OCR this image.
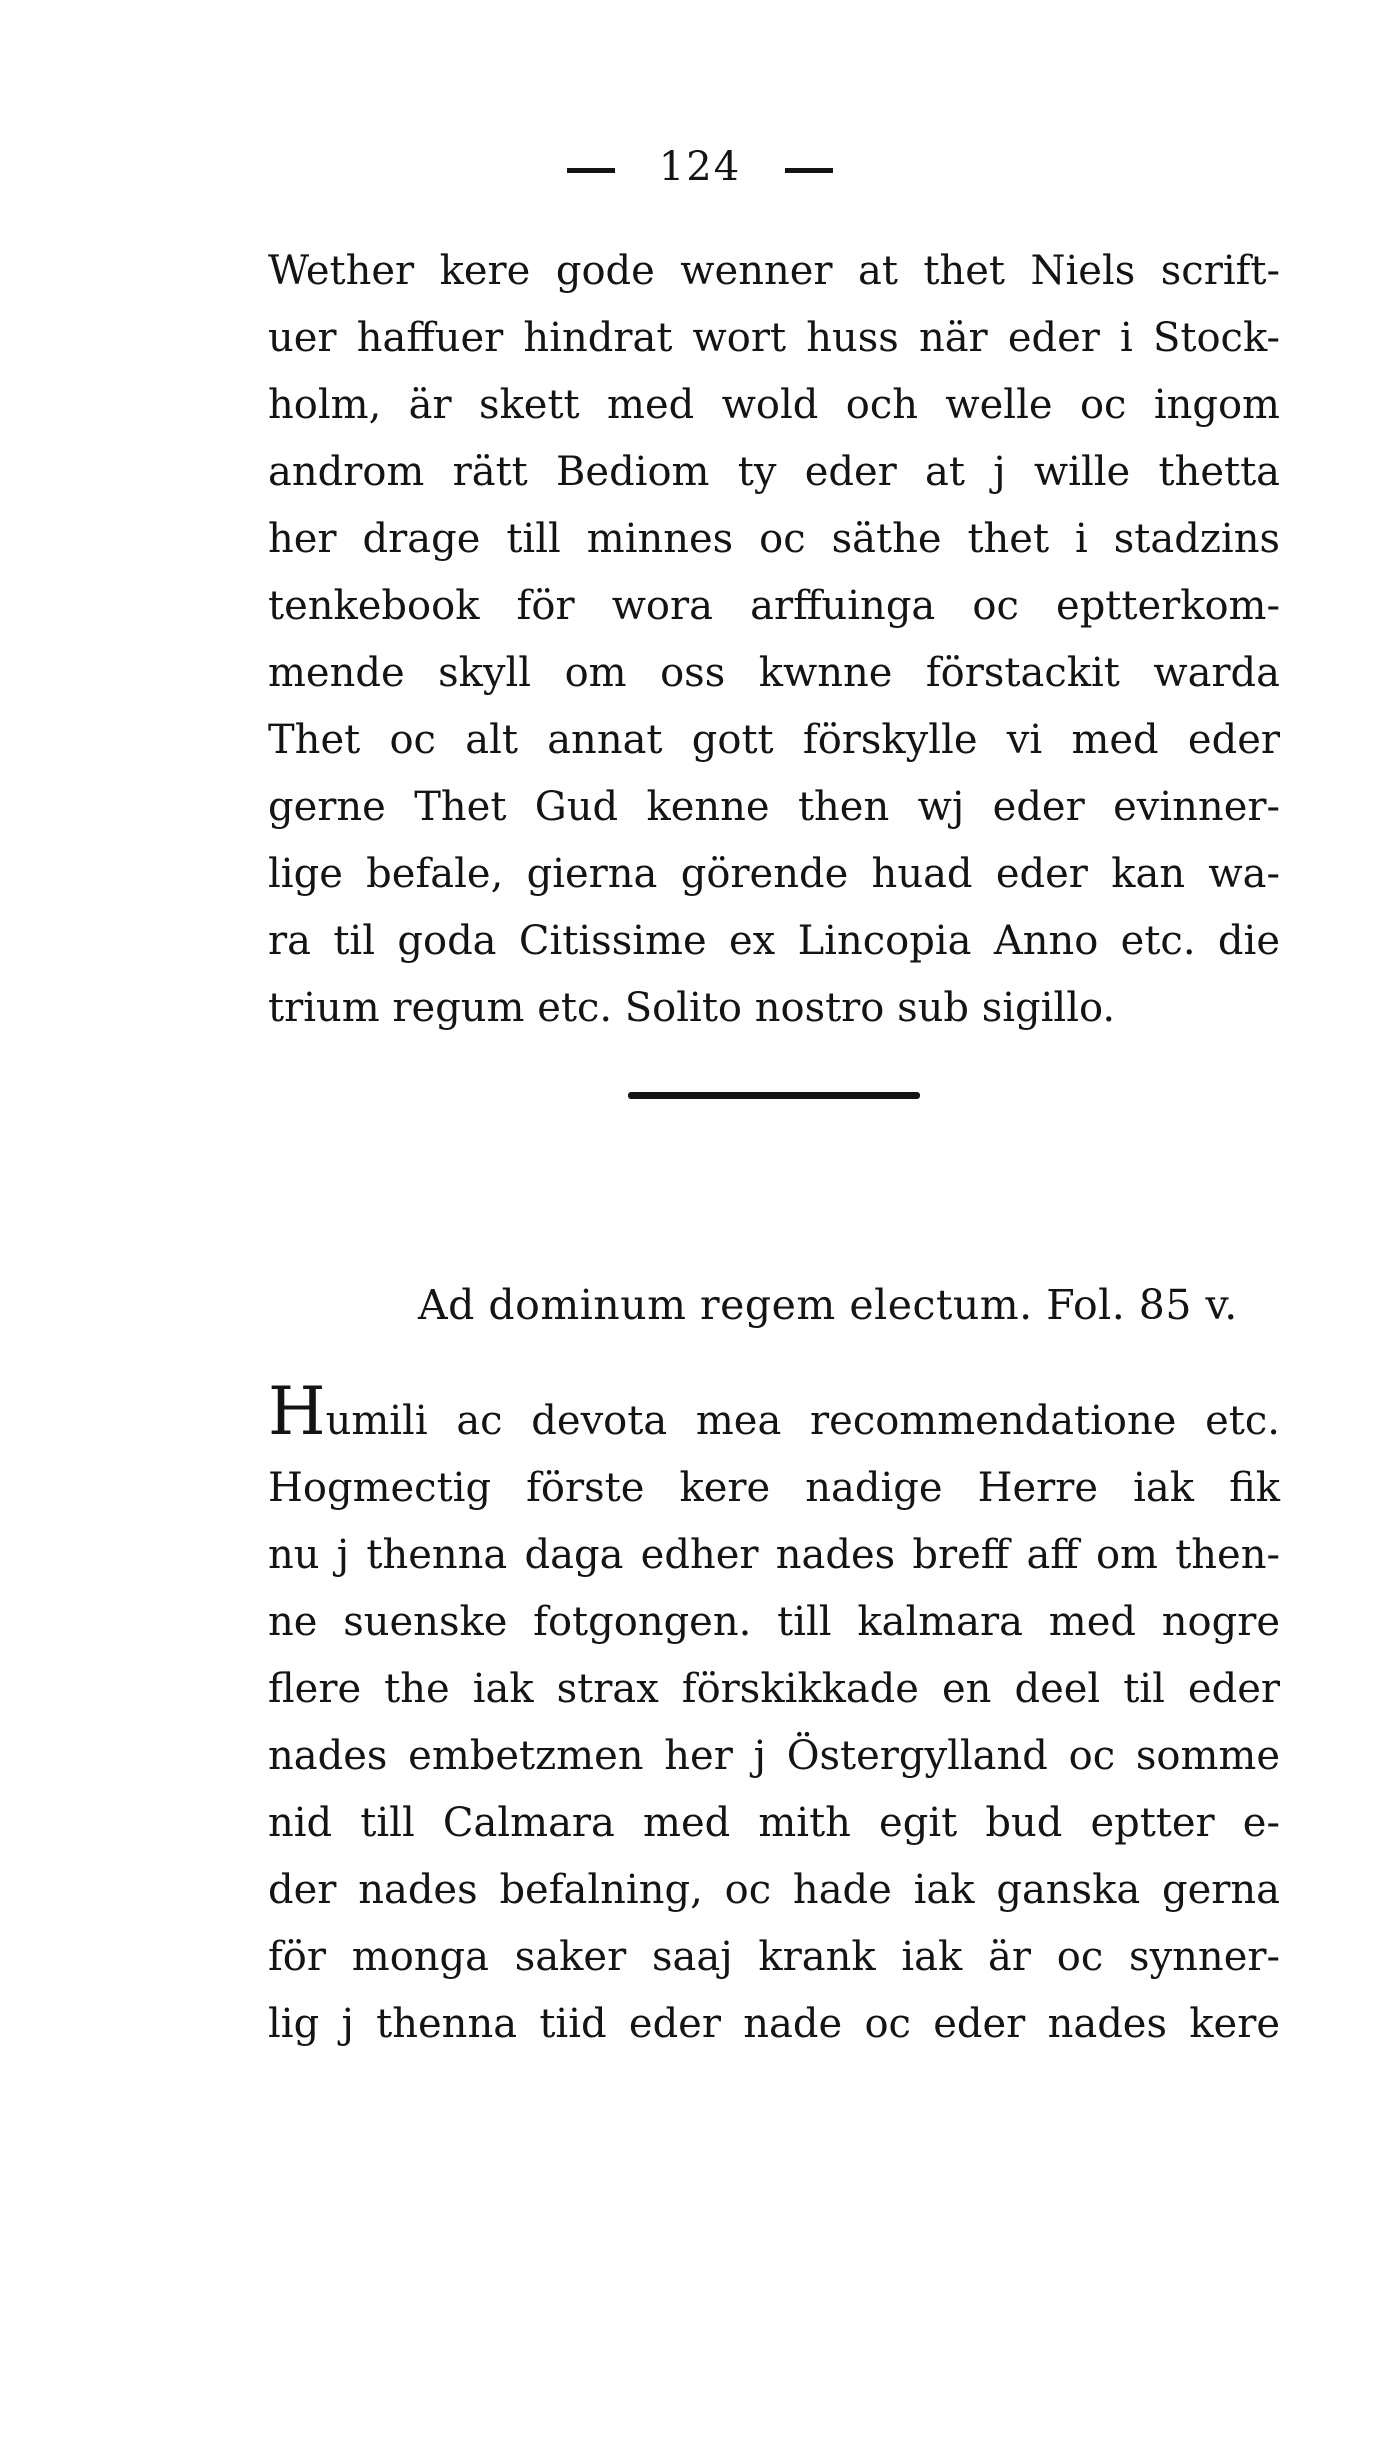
124
Wether kere gode wenner at thet Niels scrift-
uer haffuer hindrat wort huss när eder i Stock-
holm, är skett med wold och welle oc ingom
androm rätt Bediom ty eder at j wille thetta
her drage till minnes oc säthe thet i stadzins
tenkebook för wora arffuinga oc eptterkom-
mende skyll om oss kwnne förstackit warda
Thet oc alt annat gott förskylle vi med eder
gerne Thet Gud kenne then wj eder evinner-
lige befale, gierna görende huad eder kan wa-
ra til goda Citissime ex Lincopia Anno etc. die
trium regum etc. Solito nostro sub sigillo.
Ad dominum regem electum. Fol. 85 v.
Humili ac devota mea recommendatione etc.
Hogmectig förste kere nadige Herre iak fik
nu j thenna daga edher nades breff aff om then-
ne suenske fotgongen. till kalmara med nogre
flere the iak strax förskikkade en deel til eder
nades embetzmen her j Östergylland oc somme
nid till Calmara med mith egit bud eptter e-
der nades befalning, oc hade iak ganska gerna
för monga saker saaj krank iak är oc synner-
lig j thenna tiid eder nade oc eder nades kere
